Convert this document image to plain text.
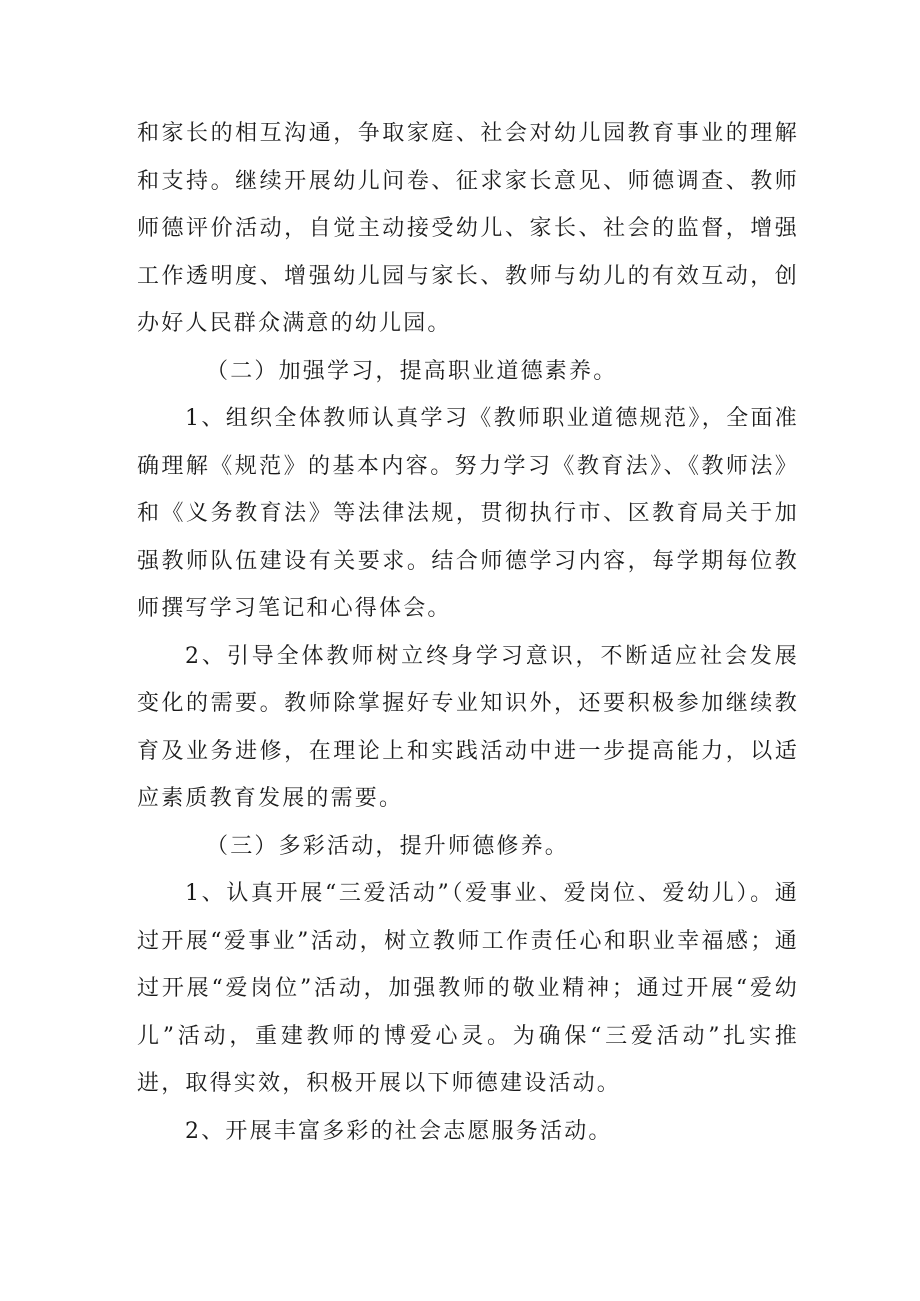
和家长的相互沟通，争取家庭、社会对幼儿园教育事业的理解和支持。继续开展幼儿问卷、征求家长意见、师德调查、教师师德评价活动，自觉主动接受幼儿、家长、社会的监督，增强工作透明度、增强幼儿园与家长、教师与幼儿的有效互动，创办好人民群众满意的幼儿园。

（二）加强学习，提高职业道德素养。

1、组织全体教师认真学习《教师职业道德规范》，全面准确理解《规范》的基本内容。努力学习《教育法》、《教师法》和《义务教育法》等法律法规，贯彻执行市、区教育局关于加强教师队伍建设有关要求。结合师德学习内容，每学期每位教师撰写学习笔记和心得体会。

2、引导全体教师树立终身学习意识，不断适应社会发展变化的需要。教师除掌握好专业知识外，还要积极参加继续教育及业务进修，在理论上和实践活动中进一步提高能力，以适应素质教育发展的需要。

（三）多彩活动，提升师德修养。

1、认真开展“三爱活动”（爱事业、爱岗位、爱幼儿）。通过开展“爱事业”活动，树立教师工作责任心和职业幸福感；通过开展“爱岗位”活动，加强教师的敬业精神；通过开展“爱幼儿”活动，重建教师的博爱心灵。为确保“三爱活动”扎实推进，取得实效，积极开展以下师德建设活动。

2、开展丰富多彩的社会志愿服务活动。
